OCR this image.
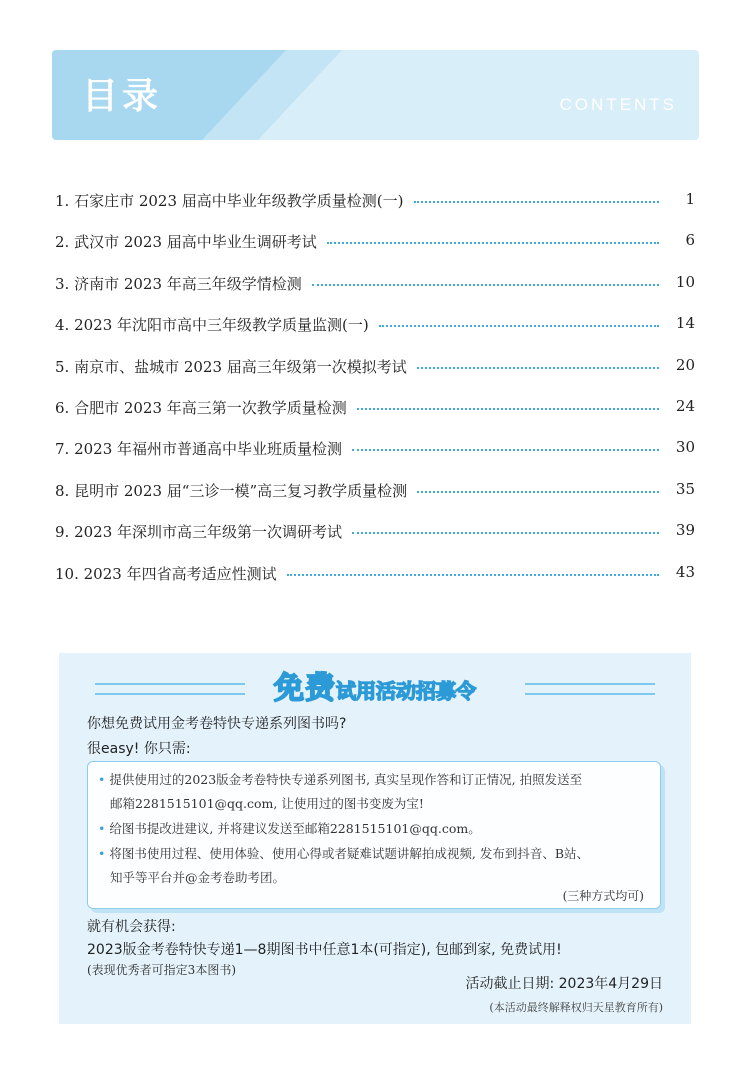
目录	CONTENTS
1. 石家庄市 2023 届高中毕业年级教学质量检测(一)	1
2. 武汉市 2023 届高中毕业生调研考试	6
3. 济南市 2023 年高三年级学情检测	10
4. 2023 年沈阳市高中三年级教学质量监测(一)	14
5. 南京市、盐城市 2023 届高三年级第一次模拟考试	20
6. 合肥市 2023 年高三第一次教学质量检测	24
7. 2023 年福州市普通高中毕业班质量检测	30
8. 昆明市 2023 届“三诊一模”高三复习教学质量检测	35
9. 2023 年深圳市高三年级第一次调研考试	39
10. 2023 年四省高考适应性测试	43
免费试用活动招募令
你想免费试用金考卷特快专递系列图书吗?
很easy! 你只需:
• 提供使用过的2023版金考卷特快专递系列图书, 真实呈现作答和订正情况, 拍照发送至
邮箱2281515101@qq.com, 让使用过的图书变废为宝!
• 给图书提改进建议, 并将建议发送至邮箱2281515101@qq.com。
• 将图书使用过程、使用体验、使用心得或者疑难试题讲解拍成视频, 发布到抖音、B站、
知乎等平台并@金考卷助考团。
(三种方式均可)
就有机会获得:
2023版金考卷特快专递1—8期图书中任意1本(可指定), 包邮到家, 免费试用!
(表现优秀者可指定3本图书)
活动截止日期: 2023年4月29日
(本活动最终解释权归天星教育所有)
